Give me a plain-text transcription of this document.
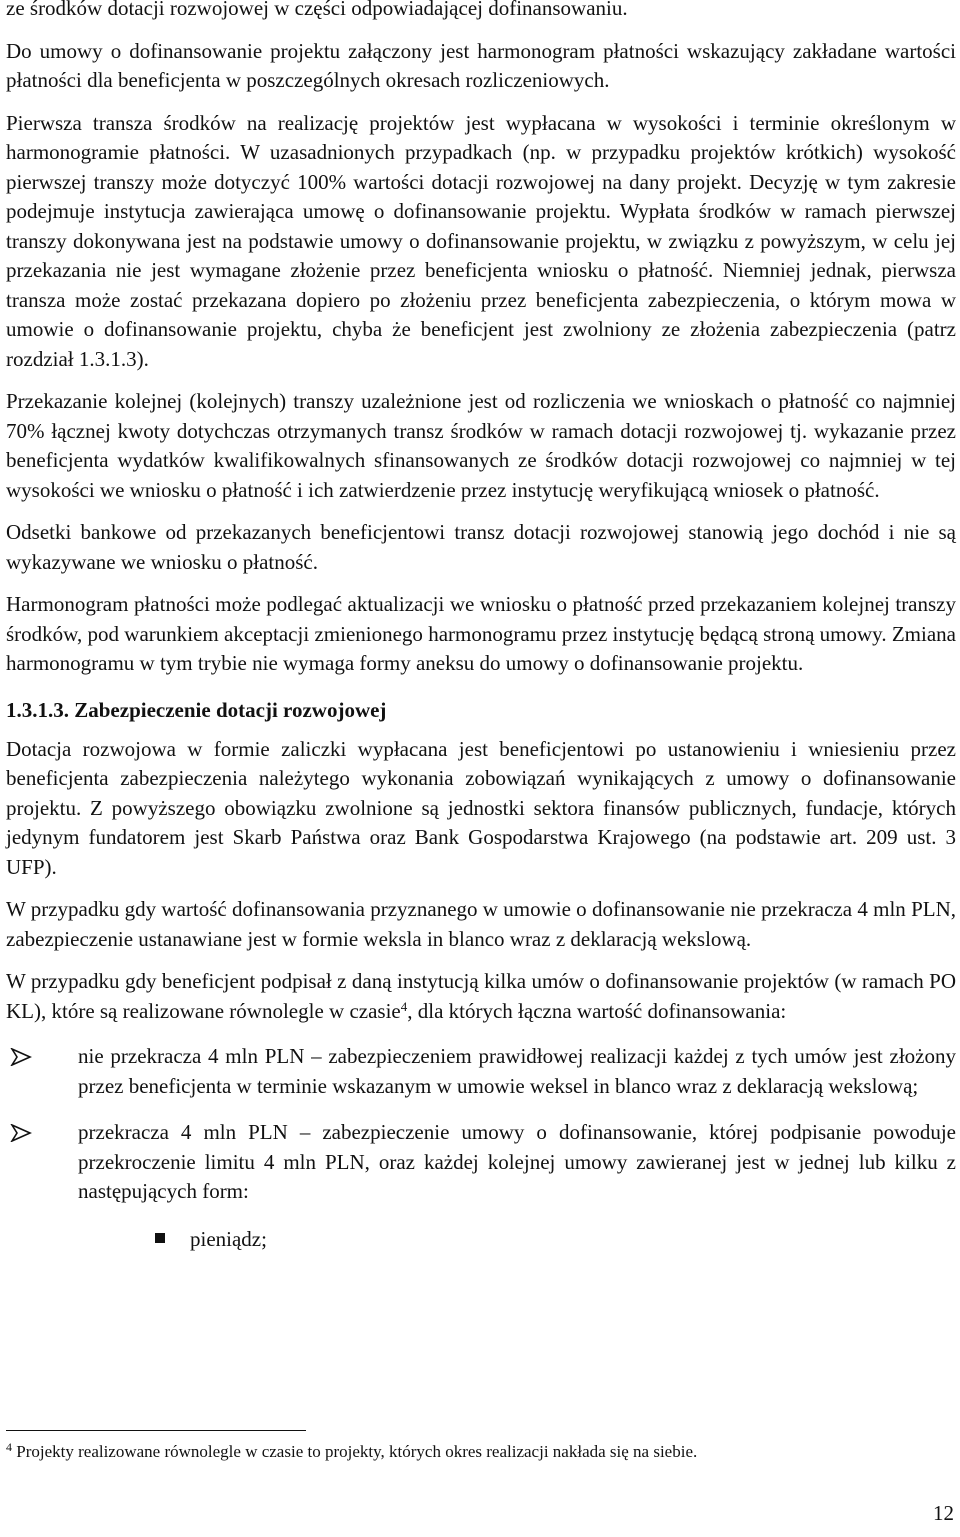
ze środków dotacji rozwojowej w części odpowiadającej dofinansowaniu.

Do umowy o dofinansowanie projektu załączony jest harmonogram płatności wskazujący zakładane wartości płatności dla beneficjenta w poszczególnych okresach rozliczeniowych.

Pierwsza transza środków na realizację projektów jest wypłacana w wysokości i terminie określonym w harmonogramie płatności. W uzasadnionych przypadkach (np. w przypadku projektów krótkich) wysokość pierwszej transzy może dotyczyć 100% wartości dotacji rozwojowej na dany projekt. Decyzję w tym zakresie podejmuje instytucja zawierająca umowę o dofinansowanie projektu. Wypłata środków w ramach pierwszej transzy dokonywana jest na podstawie umowy o dofinansowanie projektu, w związku z powyższym, w celu jej przekazania nie jest wymagane złożenie przez beneficjenta wniosku o płatność. Niemniej jednak, pierwsza transza może zostać przekazana dopiero po złożeniu przez beneficjenta zabezpieczenia, o którym mowa w umowie o dofinansowanie projektu, chyba że beneficjent jest zwolniony ze złożenia zabezpieczenia (patrz rozdział 1.3.1.3).

Przekazanie kolejnej (kolejnych) transzy uzależnione jest od rozliczenia we wnioskach o płatność co najmniej 70% łącznej kwoty dotychczas otrzymanych transz środków w ramach dotacji rozwojowej tj. wykazanie przez beneficjenta wydatków kwalifikowalnych sfinansowanych ze środków dotacji rozwojowej co najmniej w tej wysokości we wniosku o płatność i ich zatwierdzenie przez instytucję weryfikującą wniosek o płatność.

Odsetki bankowe od przekazanych beneficjentowi transz dotacji rozwojowej stanowią jego dochód i nie są wykazywane we wniosku o płatność.

Harmonogram płatności może podlegać aktualizacji we wniosku o płatność przed przekazaniem kolejnej transzy środków, pod warunkiem akceptacji zmienionego harmonogramu przez instytucję będącą stroną umowy. Zmiana harmonogramu w tym trybie nie wymaga formy aneksu do umowy o dofinansowanie projektu.

1.3.1.3. Zabezpieczenie dotacji rozwojowej

Dotacja rozwojowa w formie zaliczki wypłacana jest beneficjentowi po ustanowieniu i wniesieniu przez beneficjenta zabezpieczenia należytego wykonania zobowiązań wynikających z umowy o dofinansowanie projektu. Z powyższego obowiązku zwolnione są jednostki sektora finansów publicznych, fundacje, których jedynym fundatorem jest Skarb Państwa oraz Bank Gospodarstwa Krajowego (na podstawie art. 209 ust. 3 UFP).

W przypadku gdy wartość dofinansowania przyznanego w umowie o dofinansowanie nie przekracza 4 mln PLN, zabezpieczenie ustanawiane jest w formie weksla in blanco wraz z deklaracją wekslową.

W przypadku gdy beneficjent podpisał z daną instytucją kilka umów o dofinansowanie projektów (w ramach PO KL), które są realizowane równolegle w czasie$^4$, dla których łączna wartość dofinansowania:

nie przekracza 4 mln PLN – zabezpieczeniem prawidłowej realizacji każdej z tych umów jest złożony przez beneficjenta w terminie wskazanym w umowie weksel in blanco wraz z deklaracją wekslową;
przekracza 4 mln PLN – zabezpieczenie umowy o dofinansowanie, której podpisanie powoduje przekroczenie limitu 4 mln PLN, oraz każdej kolejnej umowy zawieranej jest w jednej lub kilku z następujących form:
pieniądz;
$^4$ Projekty realizowane równolegle w czasie to projekty, których okres realizacji nakłada się na siebie.
12
